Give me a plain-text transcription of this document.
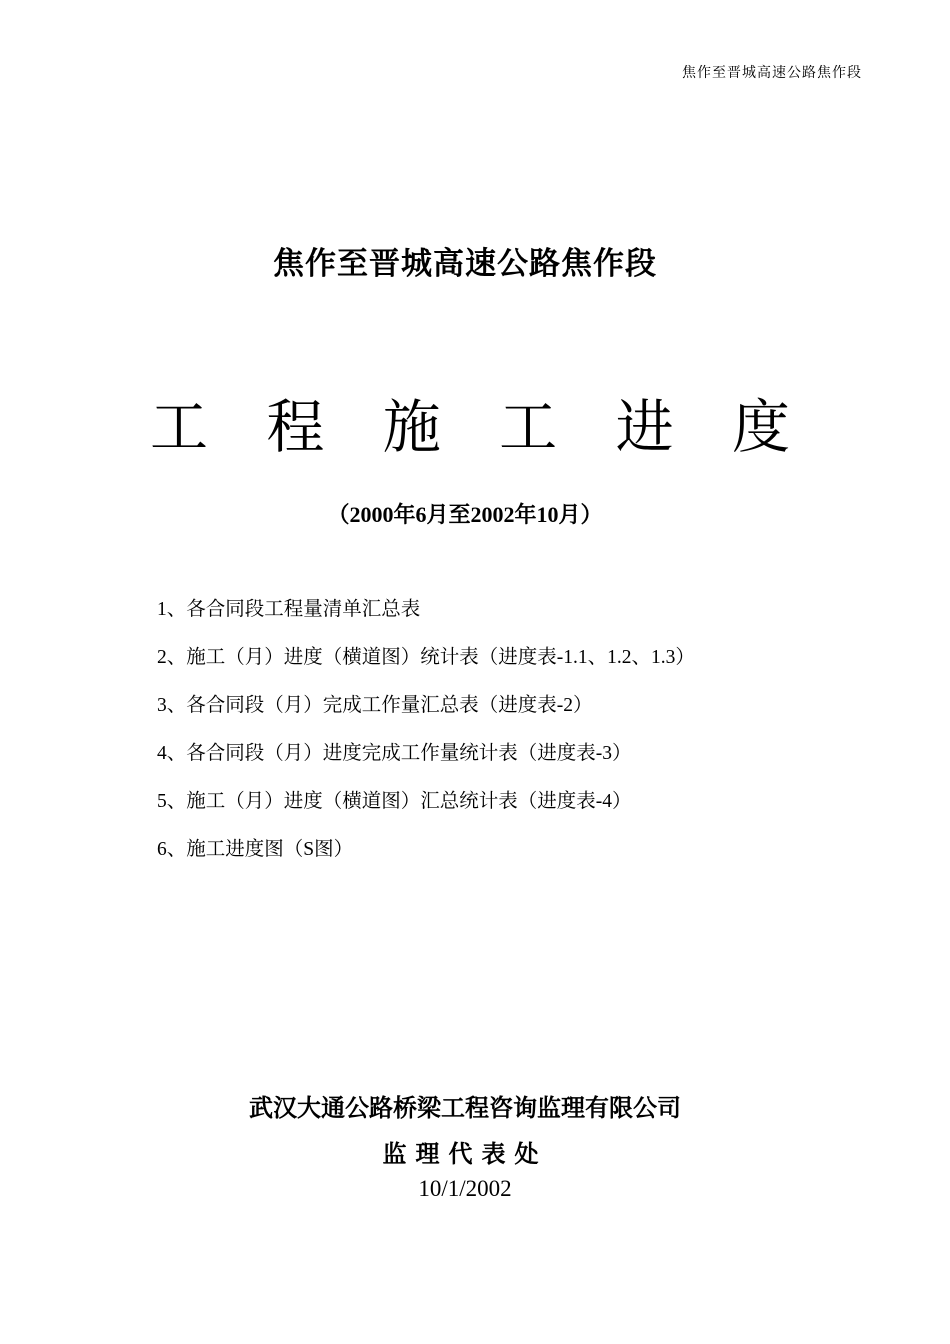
焦作至晋城高速公路焦作段
焦作至晋城高速公路焦作段
工 程 施 工 进 度
（2000年6月至2002年10月）
1、各合同段工程量清单汇总表
2、施工（月）进度（横道图）统计表（进度表-1.1、1.2、1.3）
3、各合同段（月）完成工作量汇总表（进度表-2）
4、各合同段（月）进度完成工作量统计表（进度表-3）
5、施工（月）进度（横道图）汇总统计表（进度表-4）
6、施工进度图（S图）
武汉大通公路桥梁工程咨询监理有限公司
监理代表处
10/1/2002
